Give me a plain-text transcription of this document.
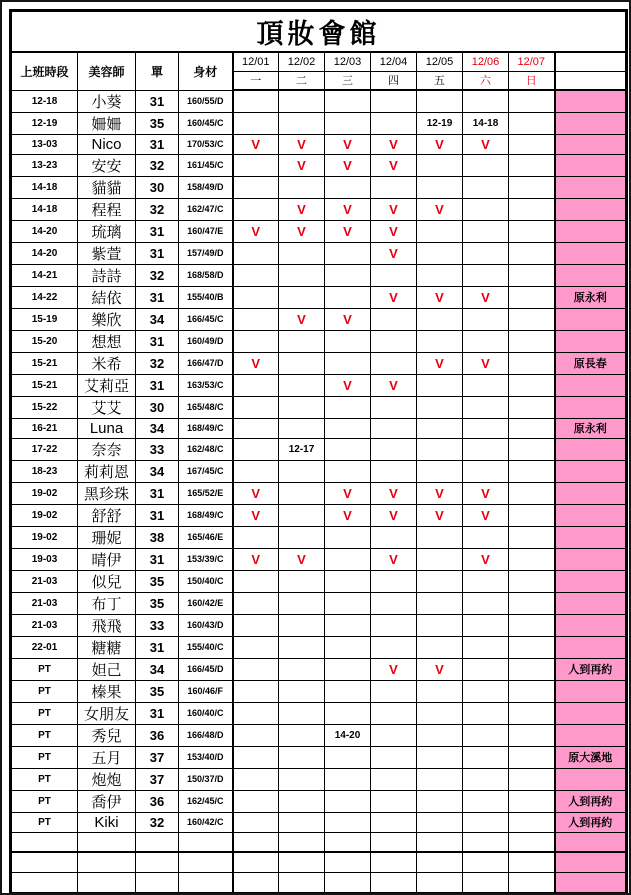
頂妝會館											
上班時段	美容師	單	身材	12/01	12/02	12/03	12/04	12/05	12/06	12/07	
				一	二	三	四	五	六	日	
12-18	小葵	31	160/55/D								
12-19	姍姍	35	160/45/C					12-19	14-18		
13-03	Nico	31	170/53/C	V	V	V	V	V	V		
13-23	安安	32	161/45/C		V	V	V				
14-18	貓貓	30	158/49/D								
14-18	程程	32	162/47/C		V	V	V	V			
14-20	琉璃	31	160/47/E	V	V	V	V				
14-20	紫萱	31	157/49/D				V				
14-21	詩詩	32	168/58/D								
14-22	結依	31	155/40/B				V	V	V		原永利
15-19	樂欣	34	166/45/C		V	V					
15-20	想想	31	160/49/D								
15-21	米希	32	166/47/D	V				V	V		原長春
15-21	艾莉亞	31	163/53/C			V	V				
15-22	艾艾	30	165/48/C								
16-21	Luna	34	168/49/C								原永利
17-22	奈奈	33	162/48/C		12-17						
18-23	莉莉恩	34	167/45/C								
19-02	黑珍珠	31	165/52/E	V		V	V	V	V		
19-02	舒舒	31	168/49/C	V		V	V	V	V		
19-02	珊妮	38	165/46/E								
19-03	晴伊	31	153/39/C	V	V		V		V		
21-03	似兒	35	150/40/C								
21-03	布丁	35	160/42/E								
21-03	飛飛	33	160/43/D								
22-01	糖糖	31	155/40/C								
PT	妲己	34	166/45/D				V	V			人到再約
PT	榛果	35	160/46/F								
PT	女朋友	31	160/40/C								
PT	秀兒	36	166/48/D			14-20					
PT	五月	37	153/40/D								原大溪地
PT	炮炮	37	150/37/D								
PT	喬伊	36	162/45/C								人到再約
PT	Kiki	32	160/42/C								人到再約
